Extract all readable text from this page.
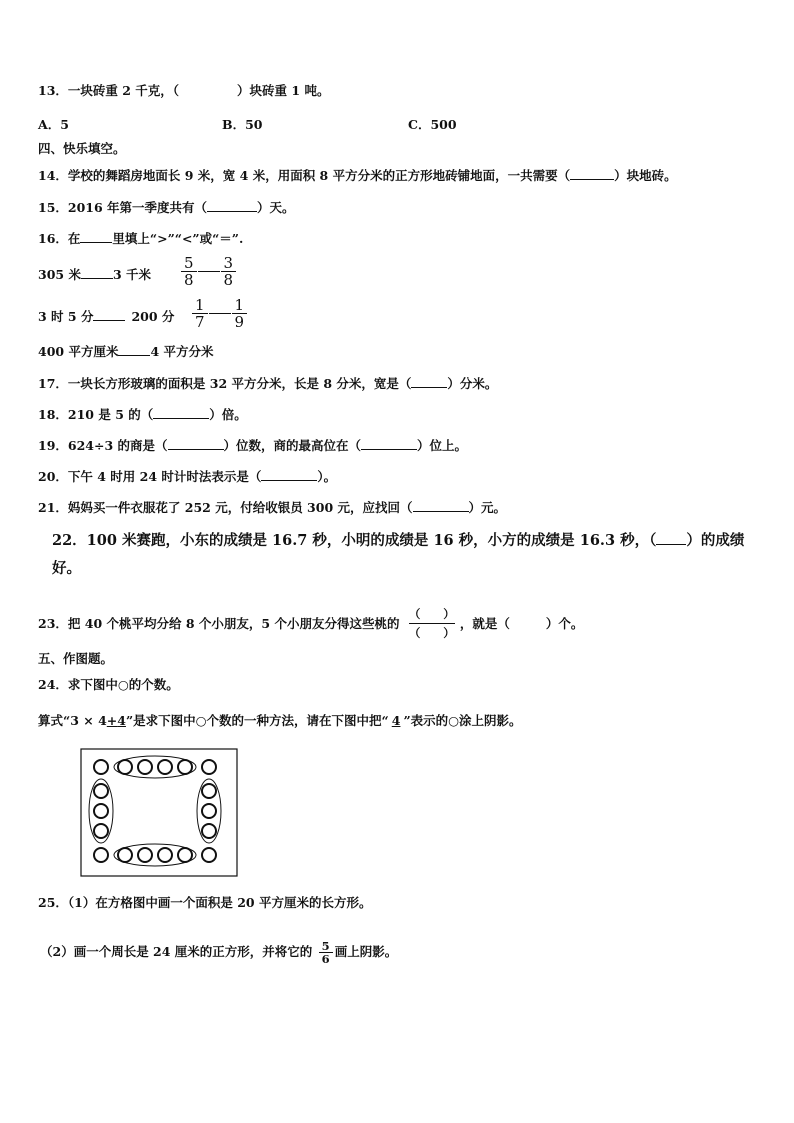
13．一块砖重 2 千克，（	）块砖重 1 吨。
A．5	B．50	C．500
四、快乐填空。
14．学校的舞蹈房地面长 9 米，宽 4 米，用面积 8 平方分米的正方形地砖铺地面，一共需要（	）块地砖。
15．2016 年第一季度共有（	）天。
16．在	里填上“>”“<”或“＝”.
305 米	3 千米 $\frac{5}{8} \frac{3}{8}$
3 时 5 分	200 分 $\frac{1}{7} \frac{1}{9}$
400 平方厘米	4 平方分米
17．一块长方形玻璃的面积是 32 平方分米，长是 8 分米，宽是（	）分米。
18．210 是 5 的（	）倍。
19．624÷3 的商是（	）位数，商的最高位在（	）位上。
20．下午 4 时用 24 时计时法表示是（	）。
21．妈妈买一件衣服花了 252 元，付给收银员 300 元，应找回（	）元。
22．100 米赛跑，小东的成绩是 16.7 秒，小明的成绩是 16 秒，小方的成绩是 16.3 秒，（ ）的成绩
好。
23．把 40 个桃平均分给 8 个小朋友，5 个小朋友分得这些桃的 $\frac{( )}{( )}$ ，就是（	）个。
五、作图题。
24．求下图中○的个数。
算式“3 × 4+4”是求下图中○个数的一种方法，请在下图中把“ 4 ”表示的○涂上阴影。
25．（1）在方格图中画一个面积是 20 平方厘米的长方形。
（2）画一个周长是 24 厘米的正方形，并将它的 $\frac{5}{6}$ 画上阴影。
